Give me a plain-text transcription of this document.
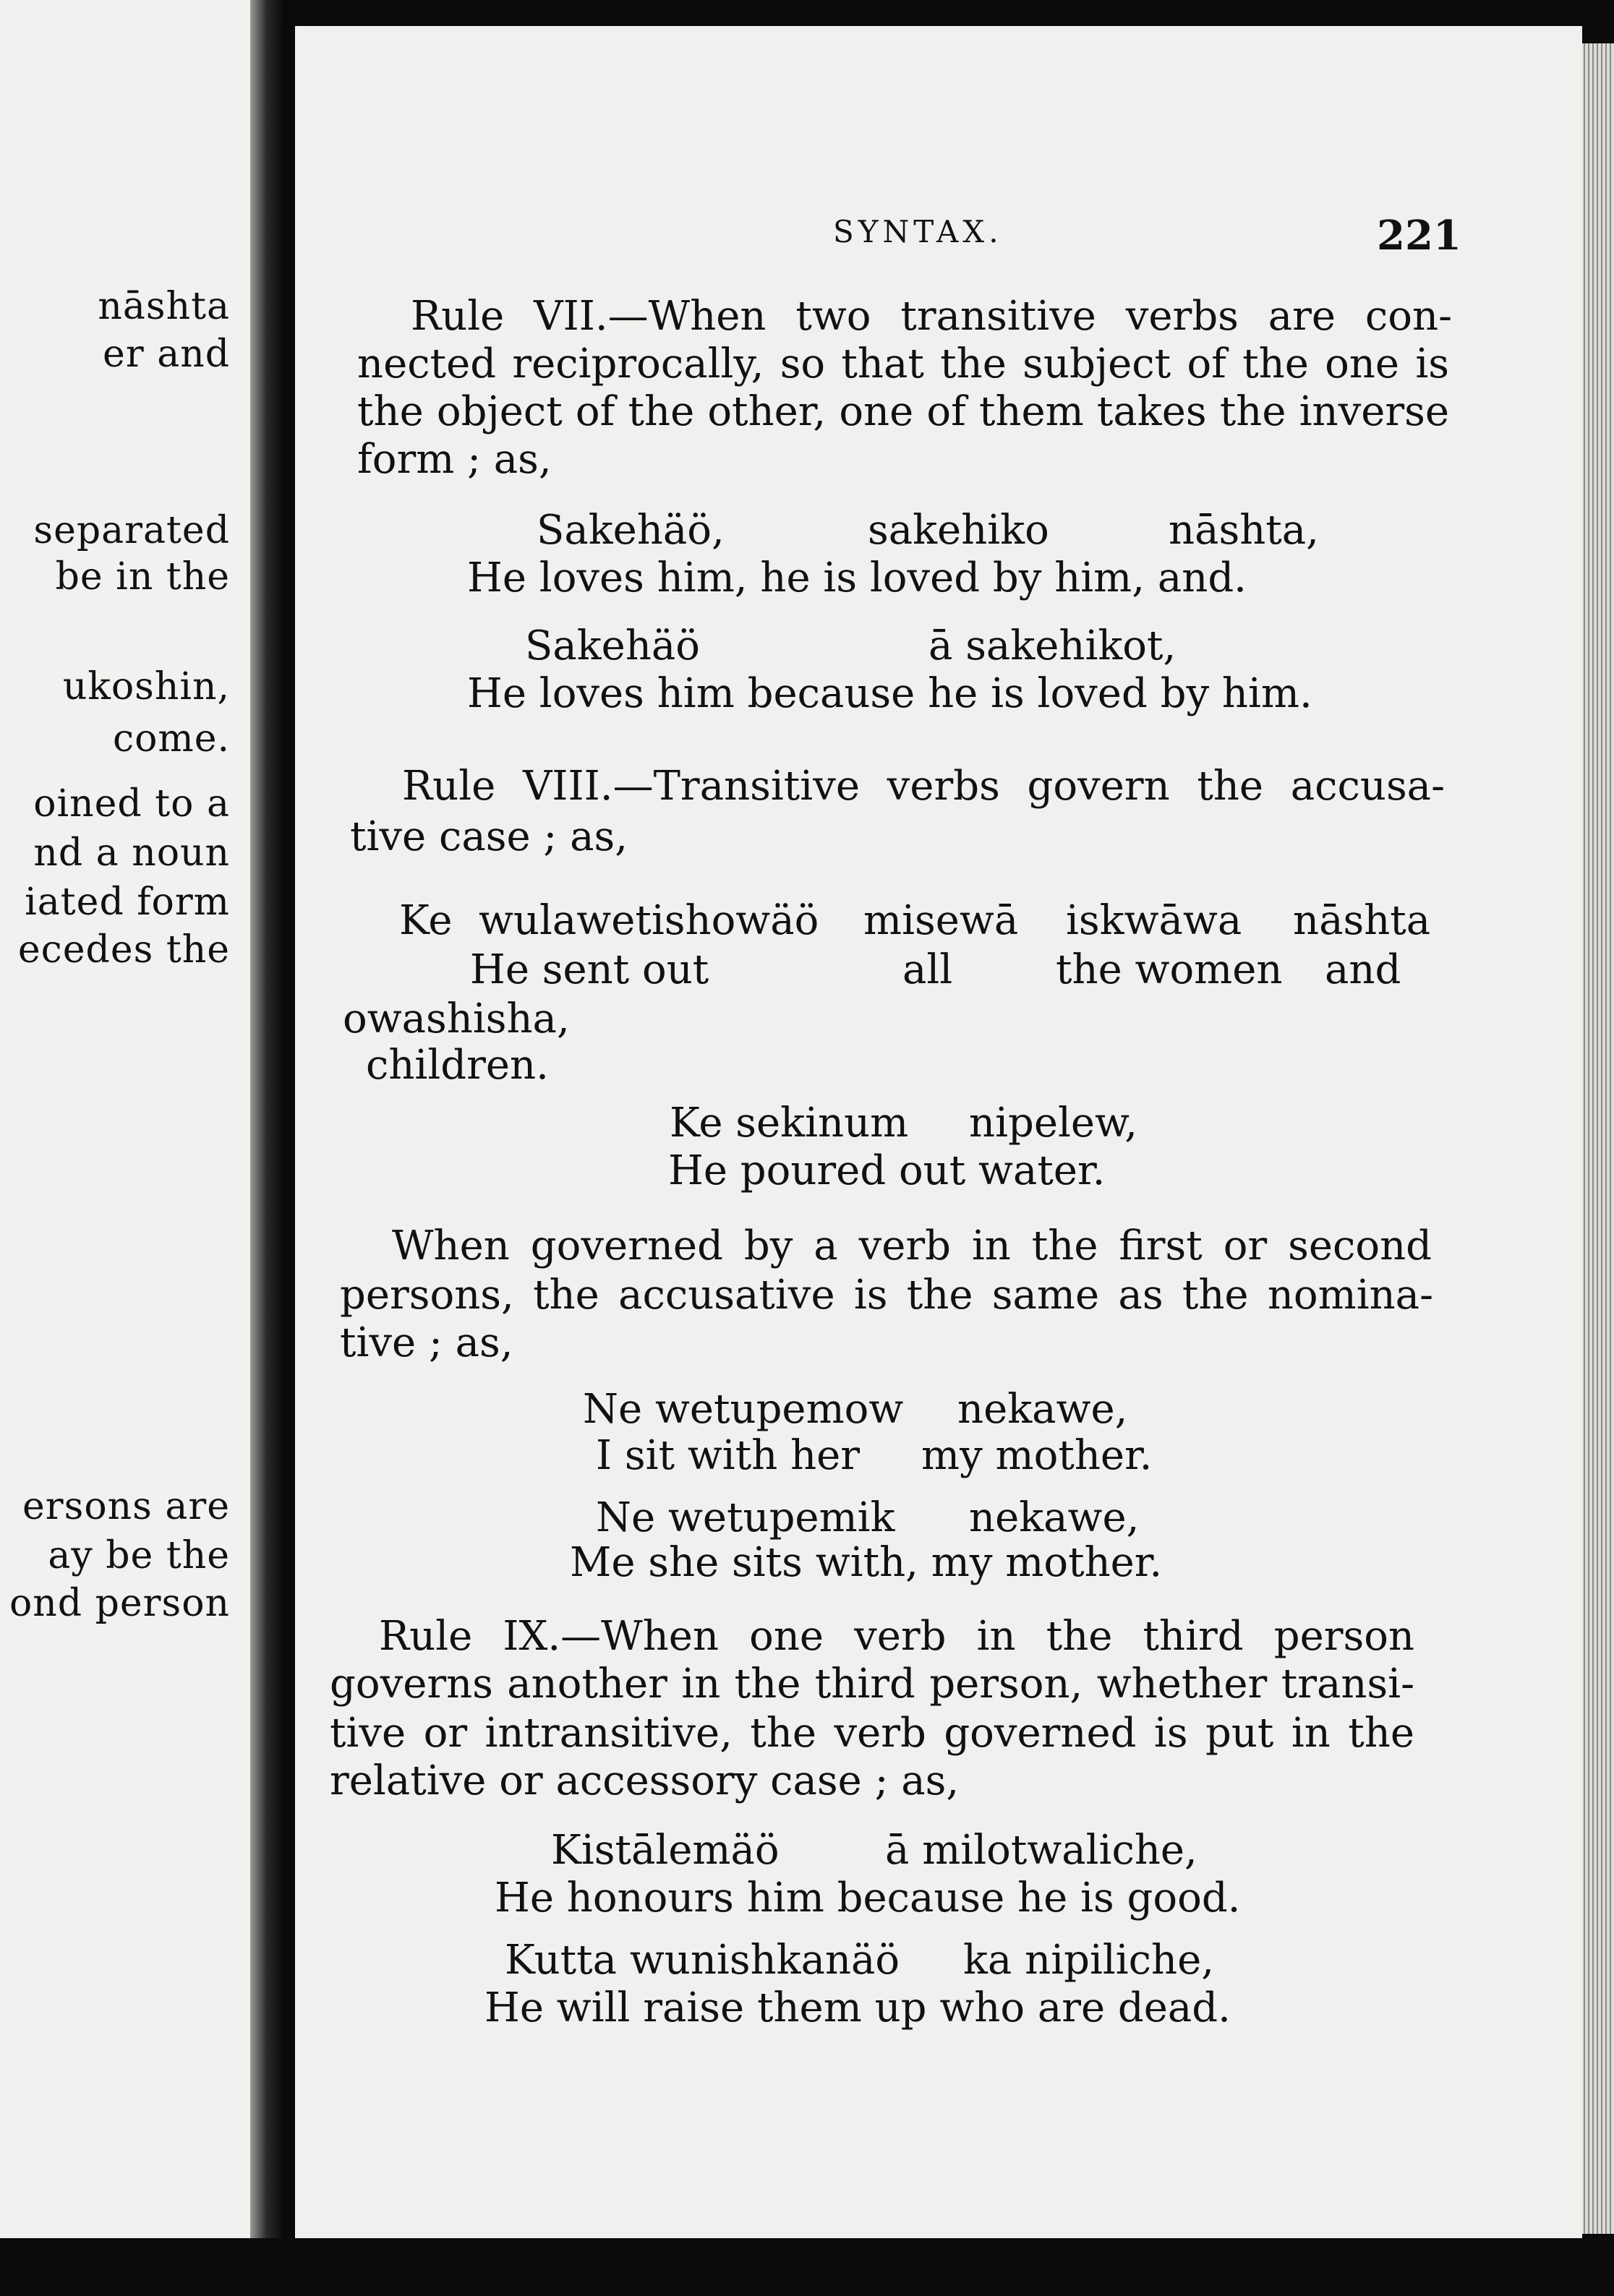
nāshta
er and
separated
be in the
ukoshin,
come.
oined to a
nd a noun
iated form
ecedes the
ersons are
ay be the
ond person
SYNTAX.	221
Rule VII.—When two transitive verbs are con-
nected reciprocally, so that the subject of the one is
the object of the other, one of them takes the inverse
form ; as,
Sakehäö,	sakehiko	nāshta,
He loves him, he is loved by him, and.
Sakehäö	ā sakehikot,
He loves him because he is loved by him.
Rule VIII.—Transitive verbs govern the accusa-
tive case ; as,
Ke wulawetishowäö misewā iskwāwa nāshta
He sent out	all	the women and
owashisha,
children.
Ke sekinum nipelew,
He poured out water.
When governed by a verb in the first or second
persons, the accusative is the same as the nomina-
tive ; as,
Ne wetupemow nekawe,
I sit with her my mother.
Ne wetupemik nekawe,
Me she sits with, my mother.
Rule IX.—When one verb in the third person
governs another in the third person, whether transi-
tive or intransitive, the verb governed is put in the
relative or accessory case ; as,
Kistālemäö	ā milotwaliche,
He honours him because he is good.
Kutta wunishkanäö ka nipiliche,
He will raise them up who are dead.
